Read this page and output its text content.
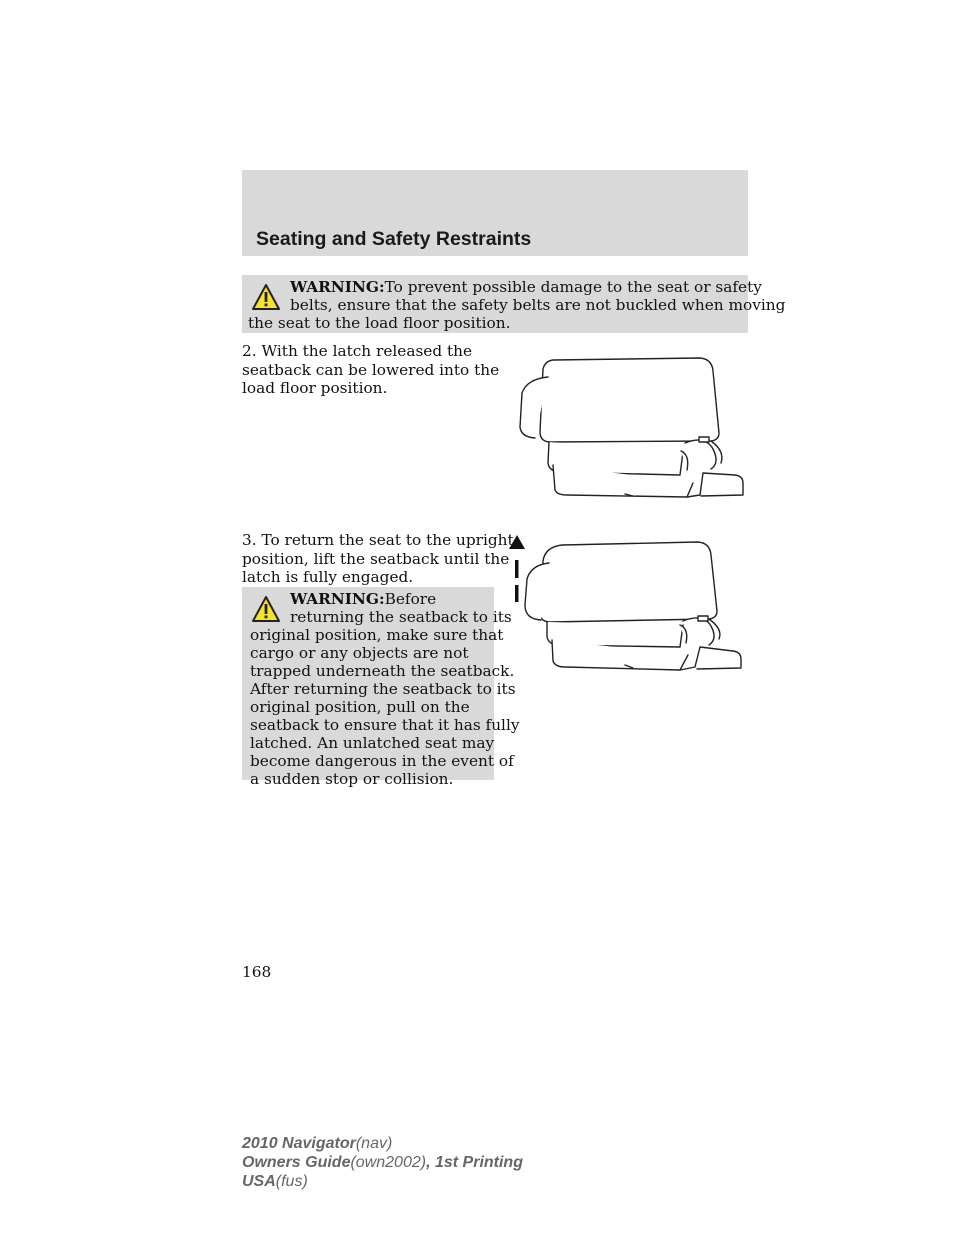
Seating and Safety Restraints
WARNING:To prevent possible damage to the seat or safety
belts, ensure that the safety belts are not buckled when moving
the seat to the load floor position.
2. With the latch released the
seatback can be lowered into the
load floor position.
3. To return the seat to the upright
position, lift the seatback until the
latch is fully engaged.
WARNING:Before
returning the seatback to its
original position, make sure that
cargo or any objects are not
trapped underneath the seatback.
After returning the seatback to its
original position, pull on the
seatback to ensure that it has fully
latched. An unlatched seat may
become dangerous in the event of
a sudden stop or collision.
168
2010 Navigator(nav)
Owners Guide(own2002), 1st Printing
USA(fus)
